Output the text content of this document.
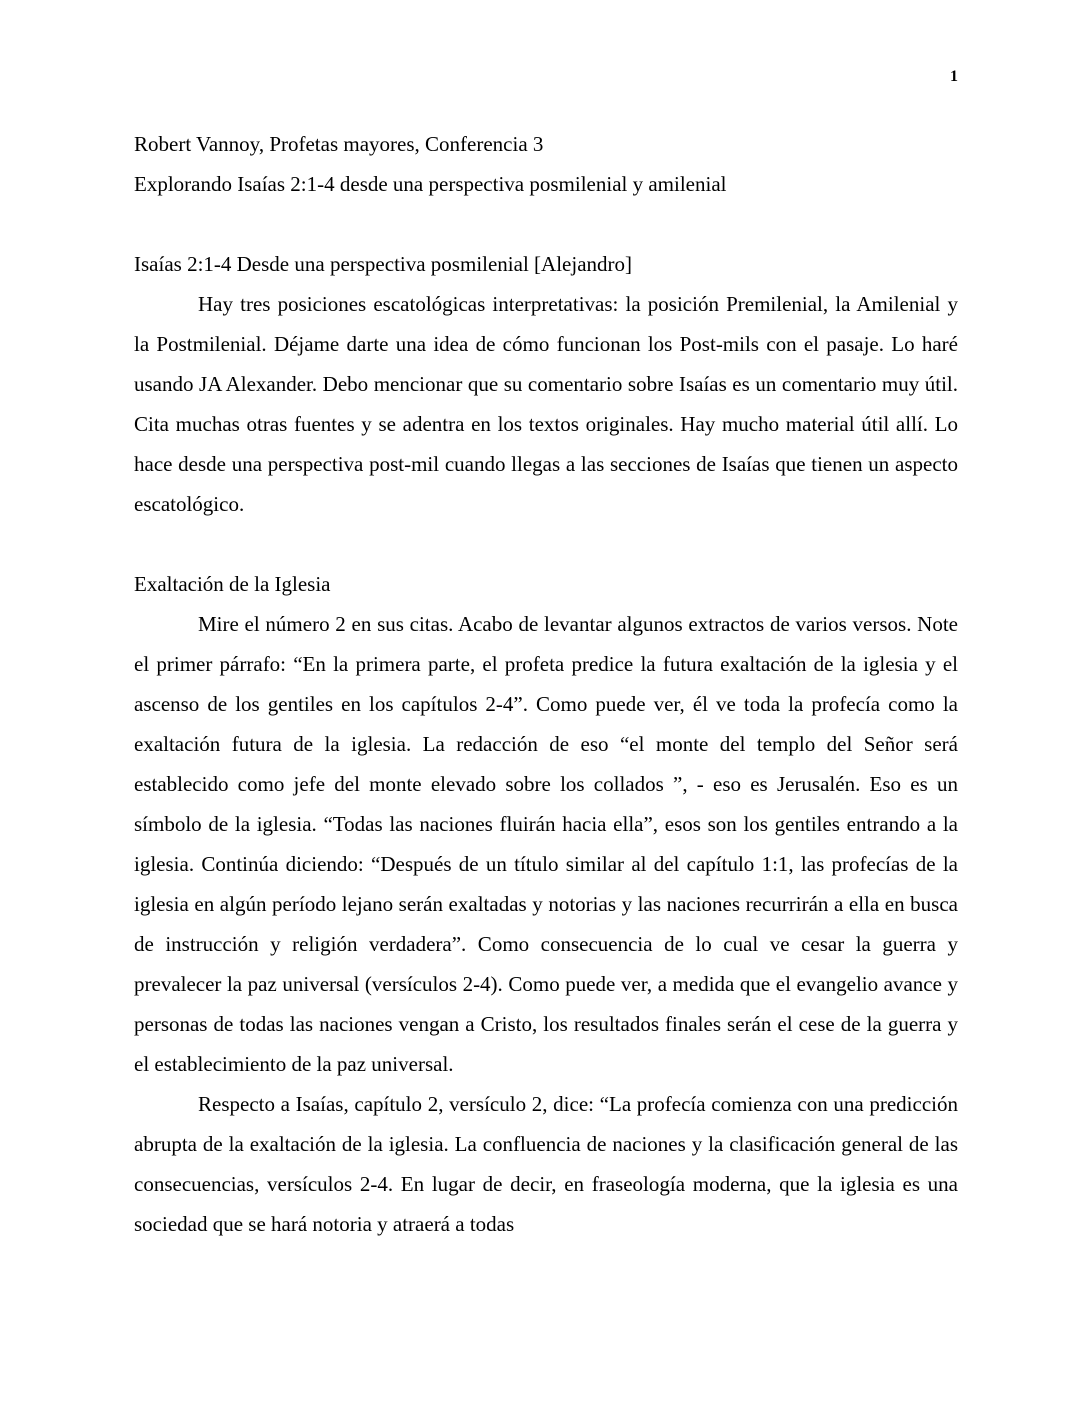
1

Robert Vannoy, Profetas mayores, Conferencia 3

Explorando Isaías 2:1-4 desde una perspectiva posmilenial y amilenial

Isaías 2:1-4 Desde una perspectiva posmilenial [Alejandro]

Hay tres posiciones escatológicas interpretativas: la posición Premilenial, la Amilenial y la Postmilenial. Déjame darte una idea de cómo funcionan los Post-mils con el pasaje. Lo haré usando JA Alexander. Debo mencionar que su comentario sobre Isaías es un comentario muy útil. Cita muchas otras fuentes y se adentra en los textos originales. Hay mucho material útil allí. Lo hace desde una perspectiva post-mil cuando llegas a las secciones de Isaías que tienen un aspecto escatológico.

Exaltación de la Iglesia

Mire el número 2 en sus citas. Acabo de levantar algunos extractos de varios versos. Note el primer párrafo: “En la primera parte, el profeta predice la futura exaltación de la iglesia y el ascenso de los gentiles en los capítulos 2-4”. Como puede ver, él ve toda la profecía como la exaltación futura de la iglesia. La redacción de eso “el monte del templo del Señor será establecido como jefe del monte elevado sobre los collados ”, - eso es Jerusalén. Eso es un símbolo de la iglesia. “Todas las naciones fluirán hacia ella”, esos son los gentiles entrando a la iglesia. Continúa diciendo: “Después de un título similar al del capítulo 1:1, las profecías de la iglesia en algún período lejano serán exaltadas y notorias y las naciones recurrirán a ella en busca de instrucción y religión verdadera”. Como consecuencia de lo cual ve cesar la guerra y prevalecer la paz universal (versículos 2-4). Como puede ver, a medida que el evangelio avance y personas de todas las naciones vengan a Cristo, los resultados finales serán el cese de la guerra y el establecimiento de la paz universal.

Respecto a Isaías, capítulo 2, versículo 2, dice: “La profecía comienza con una predicción abrupta de la exaltación de la iglesia. La confluencia de naciones y la clasificación general de las consecuencias, versículos 2-4. En lugar de decir, en fraseología moderna, que la iglesia es una sociedad que se hará notoria y atraerá a todas
